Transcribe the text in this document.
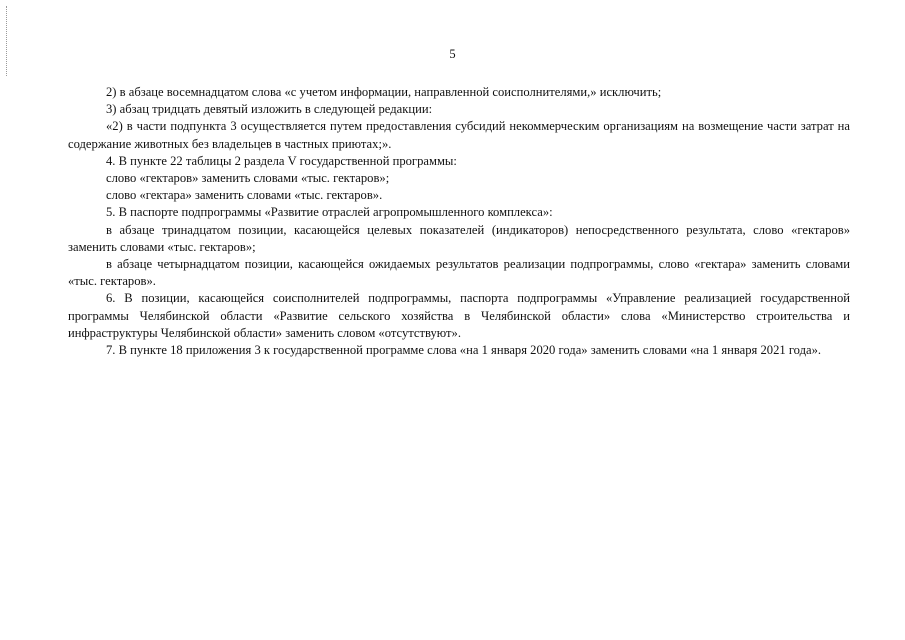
5

2) в абзаце восемнадцатом слова «с учетом информации, направленной соисполнителями,» исключить;

3) абзац тридцать девятый изложить в следующей редакции:

«2) в части подпункта 3 осуществляется путем предоставления субсидий некоммерческим организациям на возмещение части затрат на содержание животных без владельцев в частных приютах;».

4. В пункте 22 таблицы 2 раздела V государственной программы:

слово «гектаров» заменить словами «тыс. гектаров»;

слово «гектара» заменить словами «тыс. гектаров».

5. В паспорте подпрограммы «Развитие отраслей агропромышленного комплекса»:

в абзаце тринадцатом позиции, касающейся целевых показателей (индикаторов) непосредственного результата, слово «гектаров» заменить словами «тыс. гектаров»;

в абзаце четырнадцатом позиции, касающейся ожидаемых результатов реализации подпрограммы, слово «гектара» заменить словами «тыс. гектаров».

6. В позиции, касающейся соисполнителей подпрограммы, паспорта подпрограммы «Управление реализацией государственной программы Челябинской области «Развитие сельского хозяйства в Челябинской области» слова «Министерство строительства и инфраструктуры Челябинской области» заменить словом «отсутствуют».

7. В пункте 18 приложения 3 к государственной программе слова «на 1 января 2020 года» заменить словами «на 1 января 2021 года».
